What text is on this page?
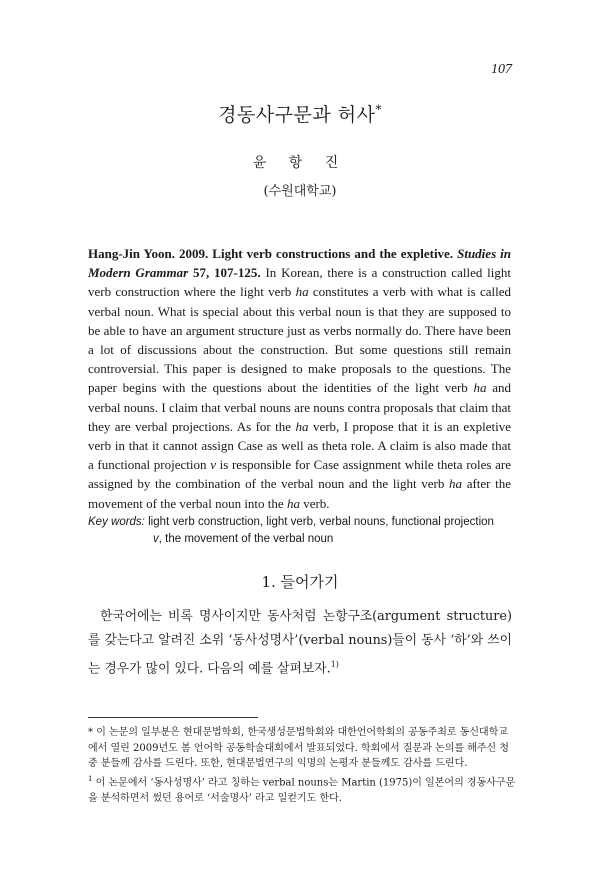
107
경동사구문과 허사*
윤 항 진
(수원대학교)
Hang-Jin Yoon. 2009. Light verb constructions and the expletive. Studies in Modern Grammar 57, 107-125. In Korean, there is a construction called light verb construction where the light verb ha constitutes a verb with what is called verbal noun. What is special about this verbal noun is that they are supposed to be able to have an argument structure just as verbs normally do. There have been a lot of discussions about the construction. But some questions still remain controversial. This paper is designed to make proposals to the questions. The paper begins with the questions about the identities of the light verb ha and verbal nouns. I claim that verbal nouns are nouns contra proposals that claim that they are verbal projections. As for the ha verb, I propose that it is an expletive verb in that it cannot assign Case as well as theta role. A claim is also made that a functional projection v is responsible for Case assignment while theta roles are assigned by the combination of the verbal noun and the light verb ha after the movement of the verbal noun into the ha verb.
Key words: light verb construction, light verb, verbal nouns, functional projection
v, the movement of the verbal noun
1. 들어가기
한국어에는 비록 명사이지만 동사처럼 논항구조(argument structure)를 갖는다고 알려진 소위 ‘동사성명사’(verbal nouns)들이 동사 ‘하’와 쓰이는 경우가 많이 있다. 다음의 예를 살펴보자.$^{1)}$

* 이 논문의 일부분은 현대문법학회, 한국생성문법학회와 대한언어학회의 공동주최로 동신대학교에서 열린 2009년도 봄 언어학 공동학술대회에서 발표되었다. 학회에서 질문과 논의를 해주신 청중 분들께 감사를 드린다. 또한, 현대문법연구의 익명의 논평자 분들께도 감사를 드린다.

$^1$ 이 논문에서 ‘동사성명사’ 라고 칭하는 verbal nouns는 Martin (1975)이 일본어의 경동사구문을 분석하면서 썼던 용어로 ‘서술명사’ 라고 일컫기도 한다.
